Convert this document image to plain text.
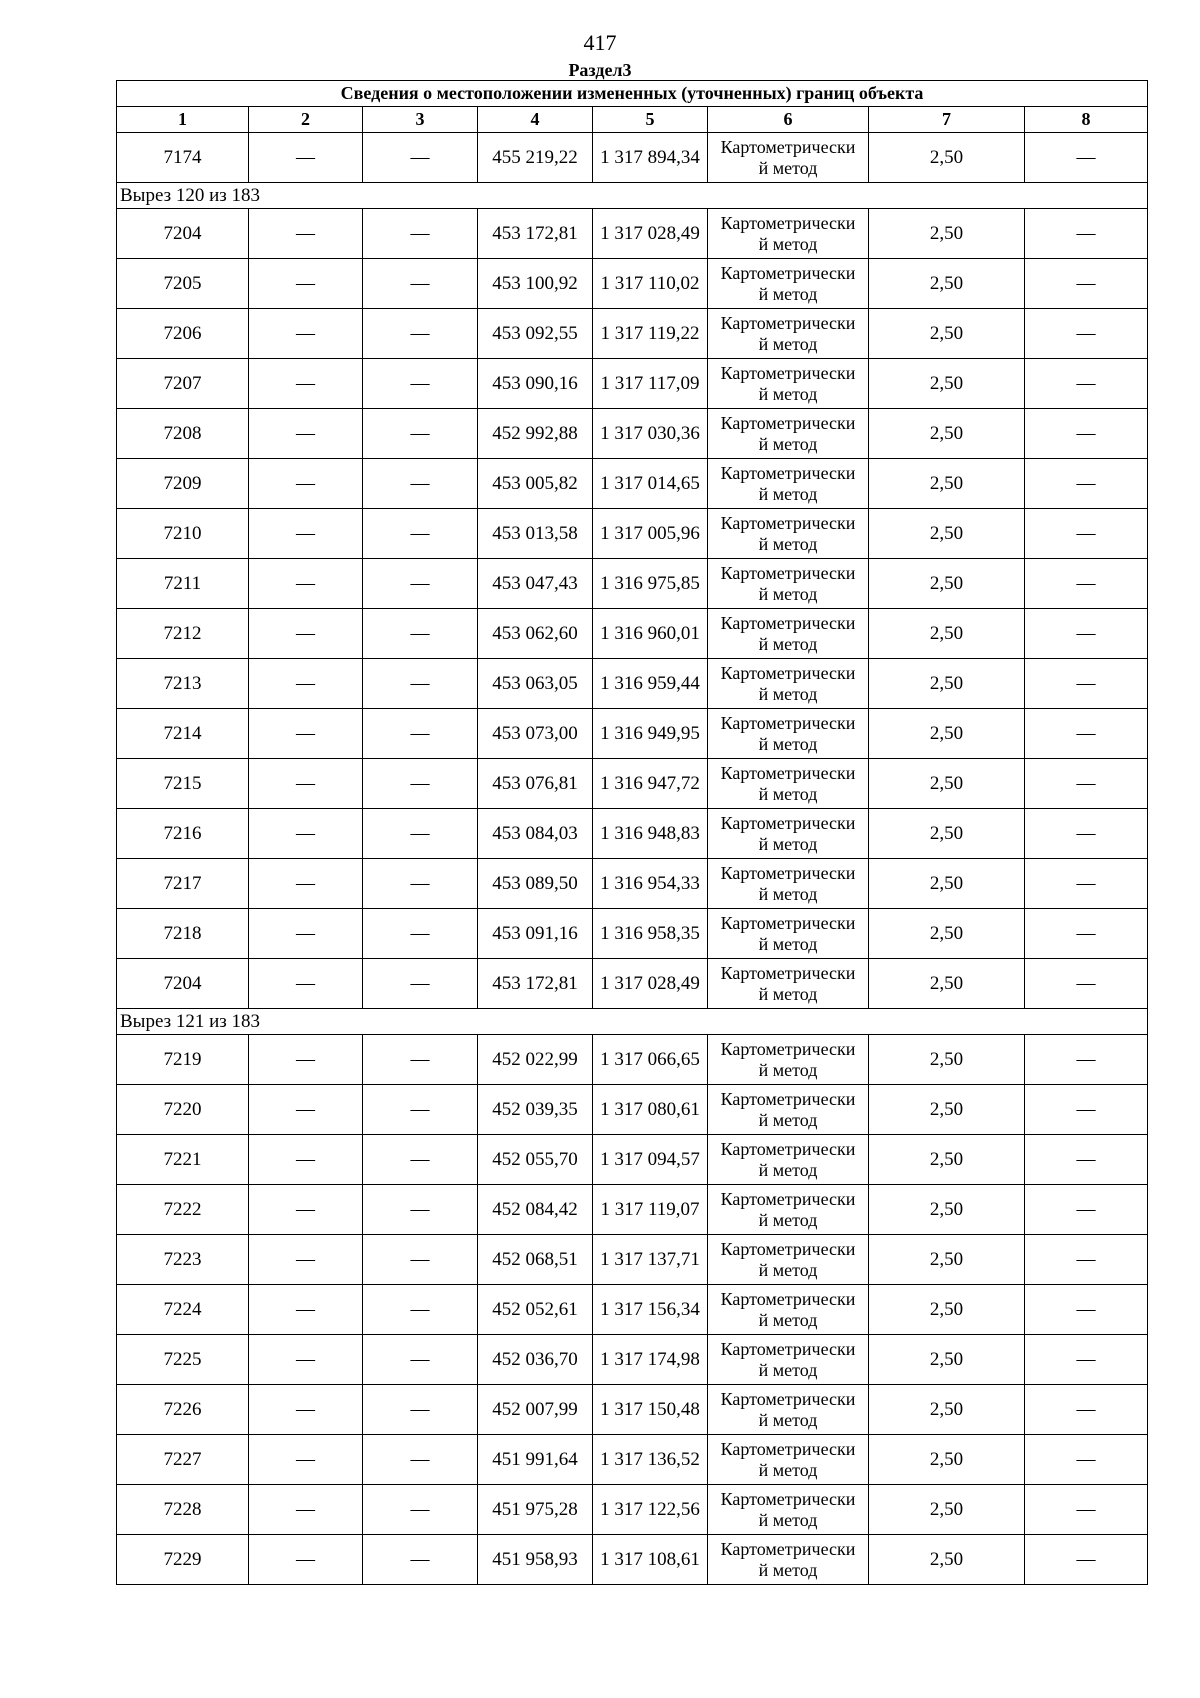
417
Раздел3
Сведения о местоположении измененных (уточненных) границ объекта							
1	2	3	4	5	6	7	8
7174	—	—	455 219,22	1 317 894,34	Картометрически
й метод	2,50	—
Вырез 120 из 183							
7204	—	—	453 172,81	1 317 028,49	Картометрически
й метод	2,50	—
7205	—	—	453 100,92	1 317 110,02	Картометрически
й метод	2,50	—
7206	—	—	453 092,55	1 317 119,22	Картометрически
й метод	2,50	—
7207	—	—	453 090,16	1 317 117,09	Картометрически
й метод	2,50	—
7208	—	—	452 992,88	1 317 030,36	Картометрически
й метод	2,50	—
7209	—	—	453 005,82	1 317 014,65	Картометрически
й метод	2,50	—
7210	—	—	453 013,58	1 317 005,96	Картометрически
й метод	2,50	—
7211	—	—	453 047,43	1 316 975,85	Картометрически
й метод	2,50	—
7212	—	—	453 062,60	1 316 960,01	Картометрически
й метод	2,50	—
7213	—	—	453 063,05	1 316 959,44	Картометрически
й метод	2,50	—
7214	—	—	453 073,00	1 316 949,95	Картометрически
й метод	2,50	—
7215	—	—	453 076,81	1 316 947,72	Картометрически
й метод	2,50	—
7216	—	—	453 084,03	1 316 948,83	Картометрически
й метод	2,50	—
7217	—	—	453 089,50	1 316 954,33	Картометрически
й метод	2,50	—
7218	—	—	453 091,16	1 316 958,35	Картометрически
й метод	2,50	—
7204	—	—	453 172,81	1 317 028,49	Картометрически
й метод	2,50	—
Вырез 121 из 183							
7219	—	—	452 022,99	1 317 066,65	Картометрически
й метод	2,50	—
7220	—	—	452 039,35	1 317 080,61	Картометрически
й метод	2,50	—
7221	—	—	452 055,70	1 317 094,57	Картометрически
й метод	2,50	—
7222	—	—	452 084,42	1 317 119,07	Картометрически
й метод	2,50	—
7223	—	—	452 068,51	1 317 137,71	Картометрически
й метод	2,50	—
7224	—	—	452 052,61	1 317 156,34	Картометрически
й метод	2,50	—
7225	—	—	452 036,70	1 317 174,98	Картометрически
й метод	2,50	—
7226	—	—	452 007,99	1 317 150,48	Картометрически
й метод	2,50	—
7227	—	—	451 991,64	1 317 136,52	Картометрически
й метод	2,50	—
7228	—	—	451 975,28	1 317 122,56	Картометрически
й метод	2,50	—
7229	—	—	451 958,93	1 317 108,61	Картометрически
й метод	2,50	—
